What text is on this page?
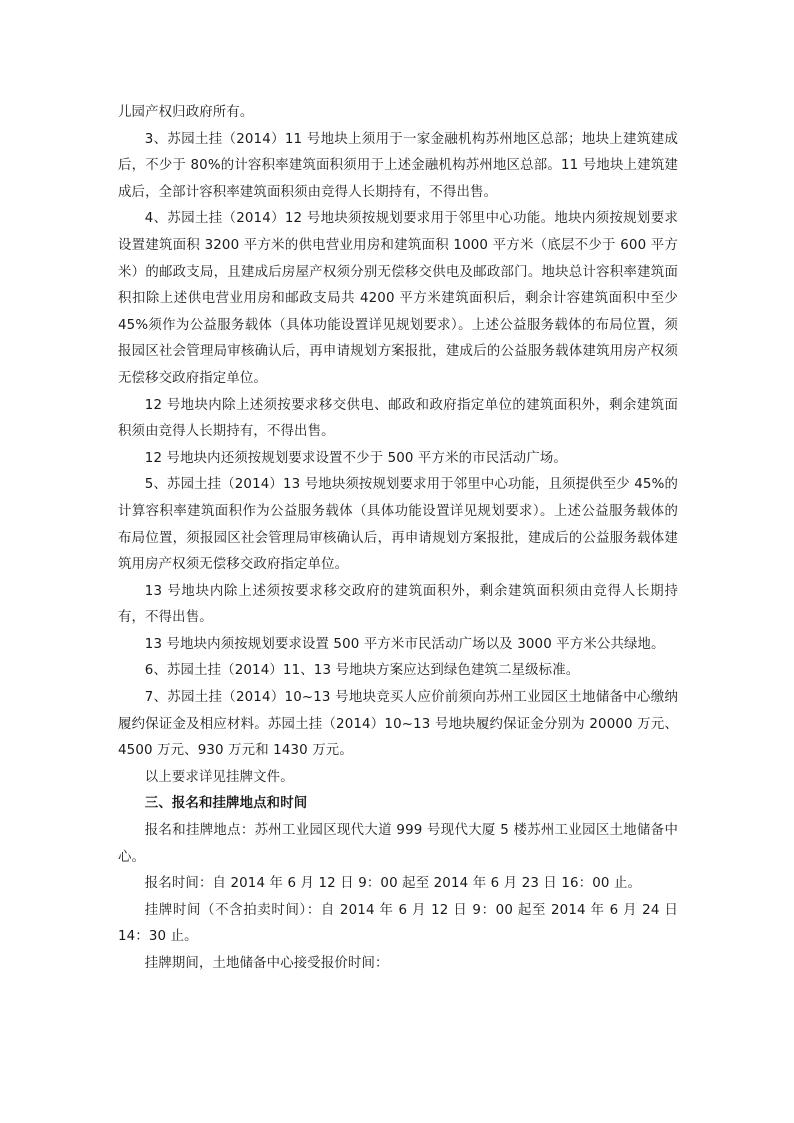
儿园产权归政府所有。

3、苏园土挂（2014）11 号地块上须用于一家金融机构苏州地区总部；地块上建筑建成后，不少于 80%的计容积率建筑面积须用于上述金融机构苏州地区总部。11 号地块上建筑建成后，全部计容积率建筑面积须由竞得人长期持有，不得出售。

4、苏园土挂（2014）12 号地块须按规划要求用于邻里中心功能。地块内须按规划要求设置建筑面积 3200 平方米的供电营业用房和建筑面积 1000 平方米（底层不少于 600 平方米）的邮政支局，且建成后房屋产权须分别无偿移交供电及邮政部门。地块总计容积率建筑面积扣除上述供电营业用房和邮政支局共 4200 平方米建筑面积后，剩余计容建筑面积中至少 45%须作为公益服务载体（具体功能设置详见规划要求）。上述公益服务载体的布局位置，须报园区社会管理局审核确认后，再申请规划方案报批，建成后的公益服务载体建筑用房产权须无偿移交政府指定单位。

12 号地块内除上述须按要求移交供电、邮政和政府指定单位的建筑面积外，剩余建筑面积须由竞得人长期持有，不得出售。

12 号地块内还须按规划要求设置不少于 500 平方米的市民活动广场。

5、苏园土挂（2014）13 号地块须按规划要求用于邻里中心功能，且须提供至少 45%的计算容积率建筑面积作为公益服务载体（具体功能设置详见规划要求）。上述公益服务载体的布局位置，须报园区社会管理局审核确认后，再申请规划方案报批，建成后的公益服务载体建筑用房产权须无偿移交政府指定单位。

13 号地块内除上述须按要求移交政府的建筑面积外，剩余建筑面积须由竞得人长期持有，不得出售。

13 号地块内须按规划要求设置 500 平方米市民活动广场以及 3000 平方米公共绿地。

6、苏园土挂（2014）11、13 号地块方案应达到绿色建筑二星级标准。

7、苏园土挂（2014）10~13 号地块竞买人应价前须向苏州工业园区土地储备中心缴纳履约保证金及相应材料。苏园土挂（2014）10~13 号地块履约保证金分别为 20000 万元、4500 万元、930 万元和 1430 万元。

以上要求详见挂牌文件。

三、报名和挂牌地点和时间

报名和挂牌地点：苏州工业园区现代大道 999 号现代大厦 5 楼苏州工业园区土地储备中心。

报名时间：自 2014 年 6 月 12 日 9：00 起至 2014 年 6 月 23 日 16：00 止。

挂牌时间（不含拍卖时间）：自 2014 年 6 月 12 日 9：00 起至 2014 年 6 月 24 日 14：30 止。

挂牌期间，土地储备中心接受报价时间：
